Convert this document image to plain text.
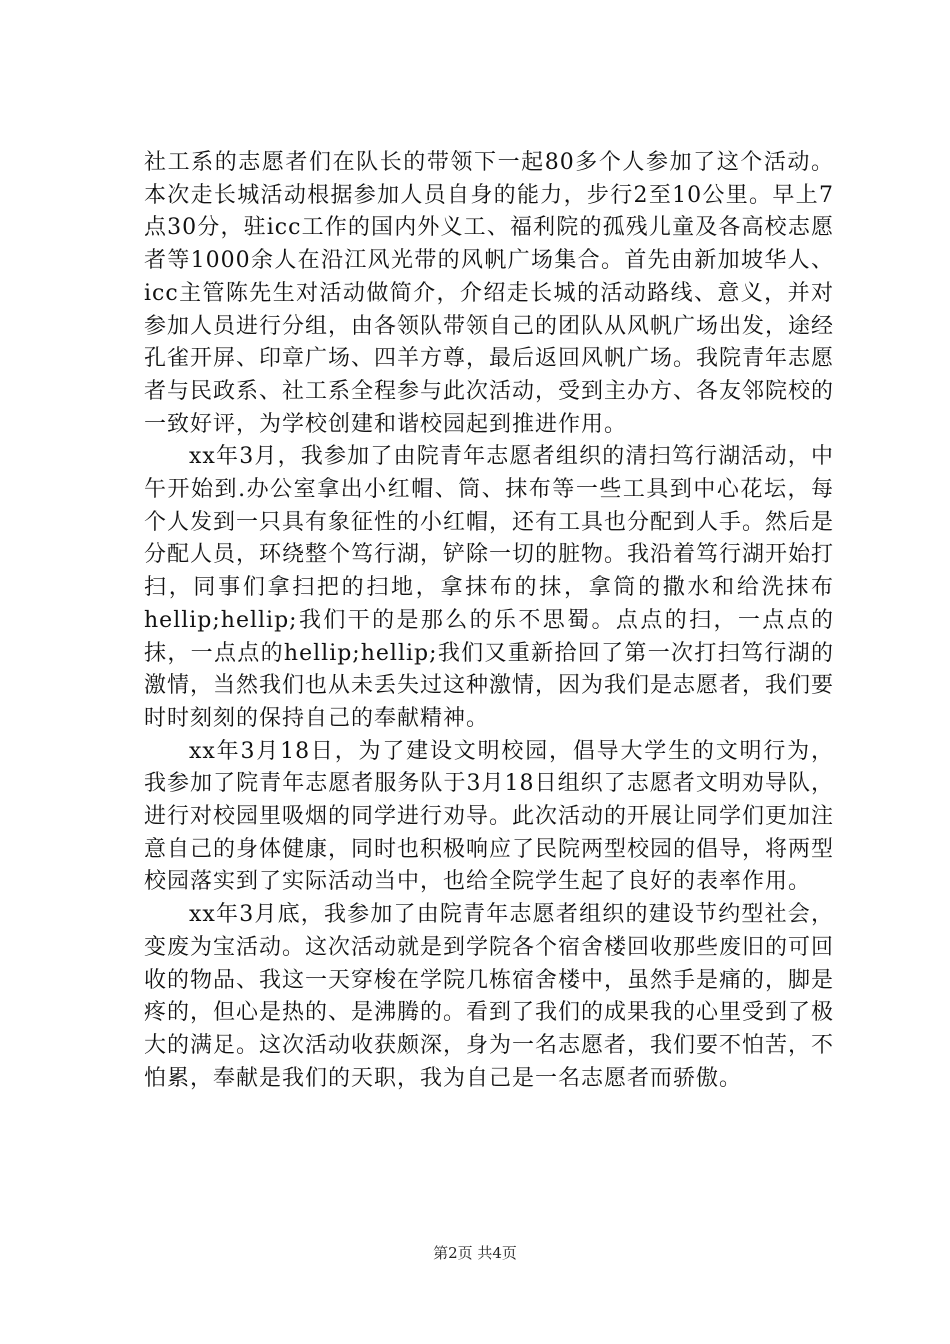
社工系的志愿者们在队长的带领下一起80多个人参加了这个活动。本次走长城活动根据参加人员自身的能力，步行2至10公里。早上7点30分，驻icc工作的国内外义工、福利院的孤残儿童及各高校志愿者等1000余人在沿江风光带的风帆广场集合。首先由新加坡华人、icc主管陈先生对活动做简介，介绍走长城的活动路线、意义，并对参加人员进行分组，由各领队带领自己的团队从风帆广场出发，途经孔雀开屏、印章广场、四羊方尊，最后返回风帆广场。我院青年志愿者与民政系、社工系全程参与此次活动，受到主办方、各友邻院校的一致好评，为学校创建和谐校园起到推进作用。

xx年3月，我参加了由院青年志愿者组织的清扫笃行湖活动，中午开始到.办公室拿出小红帽、筒、抹布等一些工具到中心花坛，每个人发到一只具有象征性的小红帽，还有工具也分配到人手。然后是分配人员，环绕整个笃行湖，铲除一切的脏物。我沿着笃行湖开始打扫，同事们拿扫把的扫地，拿抹布的抹，拿筒的撒水和给洗抹布hellip;hellip;我们干的是那么的乐不思蜀。点点的扫，一点点的抹，一点点的hellip;hellip;我们又重新拾回了第一次打扫笃行湖的激情，当然我们也从未丢失过这种激情，因为我们是志愿者，我们要时时刻刻的保持自己的奉献精神。

xx年3月18日，为了建设文明校园，倡导大学生的文明行为，我参加了院青年志愿者服务队于3月18日组织了志愿者文明劝导队，进行对校园里吸烟的同学进行劝导。此次活动的开展让同学们更加注意自己的身体健康，同时也积极响应了民院两型校园的倡导，将两型校园落实到了实际活动当中，也给全院学生起了良好的表率作用。

xx年3月底，我参加了由院青年志愿者组织的建设节约型社会，变废为宝活动。这次活动就是到学院各个宿舍楼回收那些废旧的可回收的物品、我这一天穿梭在学院几栋宿舍楼中，虽然手是痛的，脚是疼的，但心是热的、是沸腾的。看到了我们的成果我的心里受到了极大的满足。这次活动收获颇深，身为一名志愿者，我们要不怕苦，不怕累，奉献是我们的天职，我为自己是一名志愿者而骄傲。

第2页 共4页
